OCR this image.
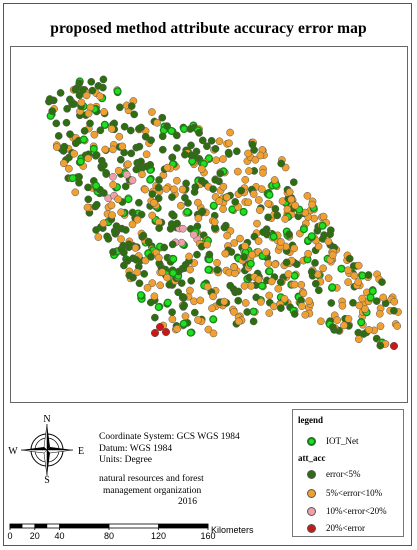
proposed method attribute accuracy error map
N
S
E
W
Coordinate System: GCS WGS 1984
Datum: WGS 1984
Units: Degree
natural resources and forest
management organization
2016
legend
IOT_Net
att_acc
error<5%
5%<error<10%
10%<error<20%
20%<error
0 20 40	80	120	160
Kilometers
